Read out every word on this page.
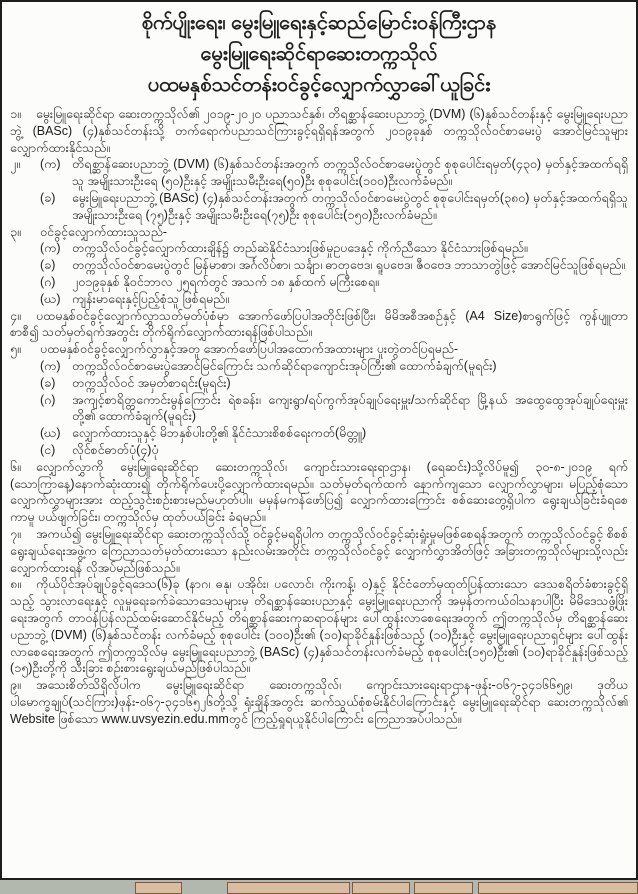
စိုက်ပျိုးရေး၊ မွေးမြူရေးနှင့်ဆည်မြောင်းဝန်ကြီးဌာန
မွေးမြူရေးဆိုင်ရာဆေးတက္ကသိုလ်
ပထမနှစ်သင်တန်းဝင်ခွင့်လျှောက်လွှာခေါ်ယူခြင်း

၁။ မွေးမြူရေးဆိုင်ရာ ဆေးတက္ကသိုလ်၏ ၂၀၁၉-၂၀၂၀ ပညာသင်နှစ်၊ တိရစ္ဆာန်ဆေးပညာဘွဲ့ (DVM) (၆)နှစ်သင်တန်းနှင့် မွေးမြူရေးပညာဘွဲ့ (BASc) (၄)နှစ်သင်တန်းသို့ တက်ရောက်ပညာသင်ကြားခွင့်ရရှိရန်အတွက် ၂၀၁၉ခုနှစ် တက္ကသိုလ်ဝင်စာမေးပွဲ အောင်မြင်သူများ လျှောက်ထားနိုင်သည်။

၂။	(က) တိရစ္ဆာန်ဆေးပညာဘွဲ့ (DVM) (၆)နှစ်သင်တန်းအတွက် တက္ကသိုလ်ဝင်စာမေးပွဲတွင် စုစုပေါင်းရမှတ်(၄၃၀) မှတ်နှင့်အထက်ရရှိသူ အမျိုးသားဦးရေ (၅၀)ဦးနှင့် အမျိုးသမီးဦးရေ(၅၀)ဦး စုစုပေါင်း(၁၀၀)ဦးလက်ခံမည်။
(ခ)	မွေးမြူရေးပညာဘွဲ့ (BASc) (၄)နှစ်သင်တန်းအတွက် တက္ကသိုလ်ဝင်စာမေးပွဲတွင် စုစုပေါင်းရမှတ်(၃၈၀) မှတ်နှင့်အထက်ရရှိသူ အမျိုးသားဦးရေ (၇၅)ဦးနှင့် အမျိုးသမီးဦးရေ(၇၅)ဦး စုစုပေါင်း(၁၅၀)ဦးလက်ခံမည်။
၃။	ဝင်ခွင့်လျှောက်ထားသူသည်-
(က) တက္ကသိုလ်ဝင်ခွင့်လျှောက်ထားချိန်၌ တည်ဆဲနိုင်ငံသားဖြစ်မှုဥပဒေနှင့် ကိုက်ညီသော နိုင်ငံသားဖြစ်ရမည်။
(ခ)	တက္ကသိုလ်ဝင်စာမေးပွဲတွင် မြန်မာစာ၊ အင်္ဂလိပ်စာ၊ သင်္ချာ၊ ဓာတုဗေဒ၊ ရူပဗေဒ၊ ဇီဝဗေဒ ဘာသာတွဲဖြင့် အောင်မြင်သူဖြစ်ရမည်။
(ဂ)	၂၀၁၉ခုနှစ် နိုဝင်ဘာလ ၂၅ရက်တွင် အသက် ၁၈ နှစ်ထက် မကြီးစေရ။
(ဃ) ကျန်းမာရေးနှင့်ပြည့်စုံသူ ဖြစ်ရမည်။

၄။ ပထမနှစ်ဝင်ခွင့်လျှောက်လွှာသတ်မှတ်ပုံစံမှာ အောက်ဖော်ပြပါအတိုင်းဖြစ်ပြီး၊ မိမိအစီအစဉ်နှင့် (A4 Size)စာရွက်ဖြင့် ကွန်ပျူတာစာစီ၍ သတ်မှတ်ရက်အတွင်း တိုက်ရိုက်လျှောက်ထားရန်ဖြစ်ပါသည်။

၅။	ပထမနှစ်ဝင်ခွင့်လျှောက်လွှာနှင့်အတူ အောက်ဖော်ပြပါအထောက်အထားများ ပူးတွဲတင်ပြရမည်-
(က) တက္ကသိုလ်ဝင်စာမေးပွဲအောင်မြင်ကြောင်း သက်ဆိုင်ရာကျောင်းအုပ်ကြီး၏ ထောက်ခံချက်(မူရင်း)
(ခ)	တက္ကသိုလ်ဝင် အမှတ်စာရင်း(မူရင်း)
(ဂ)	အကျင့်စာရိတ္တကောင်းမွန်ကြောင်း ရဲစခန်း၊ ကျေးရွာ/ရပ်ကွက်အုပ်ချုပ်ရေးမှူး/သက်ဆိုင်ရာ မြို့နယ် အထွေထွေအုပ်ချုပ်ရေးမှူးတို့၏ ထောက်ခံချက်(မူရင်း)
(ဃ) လျှောက်ထားသူနှင့် မိဘနှစ်ပါးတို့၏ နိုင်ငံသားစိစစ်ရေးကတ်(မိတ္တူ)
(င)	လိုင်စင်ဓာတ်ပုံ(၄)ပုံ

၆။ လျှောက်လွှာကို မွေးမြူရေးဆိုင်ရာ ဆေးတက္ကသိုလ်၊ ကျောင်းသားရေးရာဌာန၊ (ရေဆင်း)သို့လိပ်မူ၍ ၃၀-၈-၂၀၁၉ ရက် (သောကြာနေ့)နောက်ဆုံးထား၍ တိုက်ရိုက်ပေးပို့လျှောက်ထားရမည်။ သတ်မှတ်ရက်ထက် နောက်ကျသော လျှောက်လွှာများ၊ မပြည့်စုံသော လျှောက်လွှာများအား ထည့်သွင်းစဉ်းစားမည်မဟုတ်ပါ။ မမှန်မကန်ဖော်ပြ၍ လျှောက်ထားကြောင်း စစ်ဆေးတွေ့ရှိပါက ရွေးချယ်ခြင်းခံရစေကာမူ ပယ်ဖျက်ခြင်း၊ တက္ကသိုလ်မှ ထုတ်ပယ်ခြင်း ခံရမည်။

၇။ အကယ်၍ မွေးမြူရေးဆိုင်ရာ ဆေးတက္ကသိုလ်သို့ ဝင်ခွင့်မရရှိပါက တက္ကသိုလ်ဝင်ခွင့်ဆုံးရှုံးမှုမဖြစ်စေရန်အတွက် တက္ကသိုလ်ဝင်ခွင့် စိစစ်ရွေးချယ်ရေးအဖွဲ့က ကြေညာသတ်မှတ်ထားသော နည်းလမ်းအတိုင်း တက္ကသိုလ်ဝင်ခွင့် လျှောက်လွှာအိတ်ဖြင့် အခြားတက္ကသိုလ်များသို့လည်း လျှောက်ထားရန် လိုအပ်မည်ဖြစ်သည်။

၈။ ကိုယ်ပိုင်အုပ်ချုပ်ခွင့်ရဒေသ(၆)ခု (နာဂ၊ ဓနု၊ ပအိုဝ်း၊ ပလောင်၊ ကိုးကန့်၊ ဝ)နှင့် နိုင်ငံတော်မှထုတ်ပြန်ထားသော ဒေသစရိတ်ခံစားခွင့်ရှိသည့် သွားလာရေးနှင့် လူမှုရေးခက်ခဲသောဒေသများမှ တိရစ္ဆာန်ဆေးပညာနှင့် မွေးမြူရေးပညာကို အမှန်တကယ်ဝါသနာပါပြီး မိမိဒေသဖွံ့ဖြိုးရေးအတွက် တာဝန်ပြန်လည်ထမ်းဆောင်နိုင်မည့် တိရစ္ဆာန်ဆေးကုဆရာဝန်များ ပေါ်ထွန်းလာစေရေးအတွက် ဤတက္ကသိုလ်မှ တိရစ္ဆာန်ဆေးပညာဘွဲ့ (DVM) (၆)နှစ်သင်တန်း လက်ခံမည့် စုစုပေါင်း (၁၀၀)ဦး၏ (၁၀)ရာခိုင်နှုန်းဖြစ်သည့် (၁၀)ဦးနှင့် မွေးမြူရေးပညာရှင်များ ပေါ်ထွန်းလာစေရေးအတွက် ဤတက္ကသိုလ်မှ မွေးမြူရေးပညာဘွဲ့ (BASc) (၄)နှစ်သင်တန်းလက်ခံမည့် စုစုပေါင်း(၁၅၀)ဦး၏ (၁၀)ရာခိုင်နှုန်းဖြစ်သည့် (၁၅)ဦးတို့ကို သီးခြား စဉ်းစားရွေးချယ်မည်ဖြစ်ပါသည်။

၉။ အသေးစိတ်သိရှိလိုပါက မွေးမြူရေးဆိုင်ရာ ဆေးတက္ကသိုလ်၊ ကျောင်းသားရေးရာဌာန-ဖုန်း-၀၆၇-၃၄၁၆၆၅၉၊ ဒုတိယပါမောက္ခချုပ်(သင်ကြား)ဖုန်း-၀၆၇-၃၄၁၆၅၂၆တို့သို့ ရုံးချိန်အတွင်း ဆက်သွယ်စုံစမ်းနိုင်ပါကြောင်းနှင့် မွေးမြူရေးဆိုင်ရာ ဆေးတက္ကသိုလ်၏ Website ဖြစ်သော www.uvsyezin.edu.mmတွင် ကြည့်ရှုရယူနိုင်ပါကြောင်း ကြေညာအပ်ပါသည်။
